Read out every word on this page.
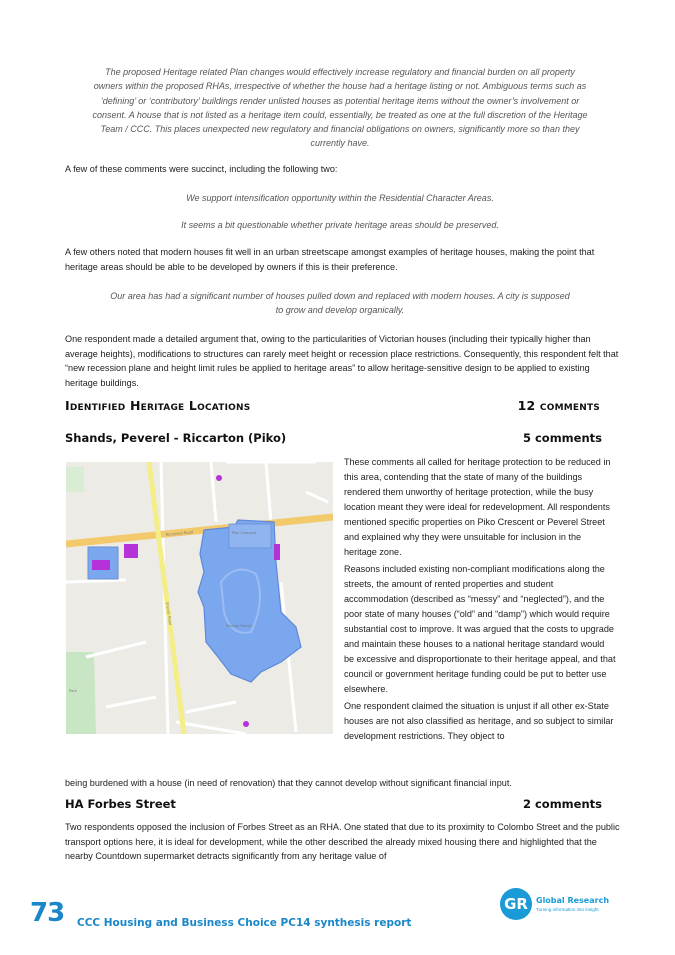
The proposed Heritage related Plan changes would effectively increase regulatory and financial burden on all property owners within the proposed RHAs, irrespective of whether the house had a heritage listing or not. Ambiguous terms such as ‘defining’ or ‘contributory’ buildings render unlisted houses as potential heritage items without the owner’s involvement or consent. A house that is not listed as a heritage item could, essentially, be treated as one at the full discretion of the Heritage Team / CCC. This places unexpected new regulatory and financial obligations on owners, significantly more so than they currently have.

A few of these comments were succinct, including the following two:

We support intensification opportunity within the Residential Character Areas.

It seems a bit questionable whether private heritage areas should be preserved.

A few others noted that modern houses fit well in an urban streetscape amongst examples of heritage houses, making the point that heritage areas should be able to be developed by owners if this is their preference.

Our area has had a significant number of houses pulled down and replaced with modern houses. A city is supposed to grow and develop organically.

One respondent made a detailed argument that, owing to the particularities of Victorian houses (including their typically higher than average heights), modifications to structures can rarely meet height or recession place restrictions. Consequently, this respondent felt that “new recession plane and height limit rules be applied to heritage areas” to allow heritage-sensitive design to be applied to existing heritage buildings.

Identified Heritage Locations	12 comments
Shands, Peverel - Riccarton (Piko)	5 comments
Riccarton Road
Shands Road
Piko Crescent
Peverel Street
Park

These comments all called for heritage protection to be reduced in this area, contending that the state of many of the buildings rendered them unworthy of heritage protection, while the busy location meant they were ideal for redevelopment. All respondents mentioned specific properties on Piko Crescent or Peverel Street and explained why they were unsuitable for inclusion in the heritage zone.

Reasons included existing non-compliant modifications along the streets, the amount of rented properties and student accommodation (described as “messy” and “neglected”), and the poor state of many houses (“old” and “damp”) which would require substantial cost to improve. It was argued that the costs to upgrade and maintain these houses to a national heritage standard would be excessive and disproportionate to their heritage appeal, and that council or government heritage funding could be put to better use elsewhere.

One respondent claimed the situation is unjust if all other ex-State houses are not also classified as heritage, and so subject to similar development restrictions. They object to

being burdened with a house (in need of renovation) that they cannot develop without significant financial input.

HA Forbes Street	2 comments

Two respondents opposed the inclusion of Forbes Street as an RHA. One stated that due to its proximity to Colombo Street and the public transport options here, it is ideal for development, while the other described the already mixed housing there and highlighted that the nearby Countdown supermarket detracts significantly from any heritage value of

GR	Global Research
Turning information into insight
73 CCC Housing and Business Choice PC14 synthesis report
